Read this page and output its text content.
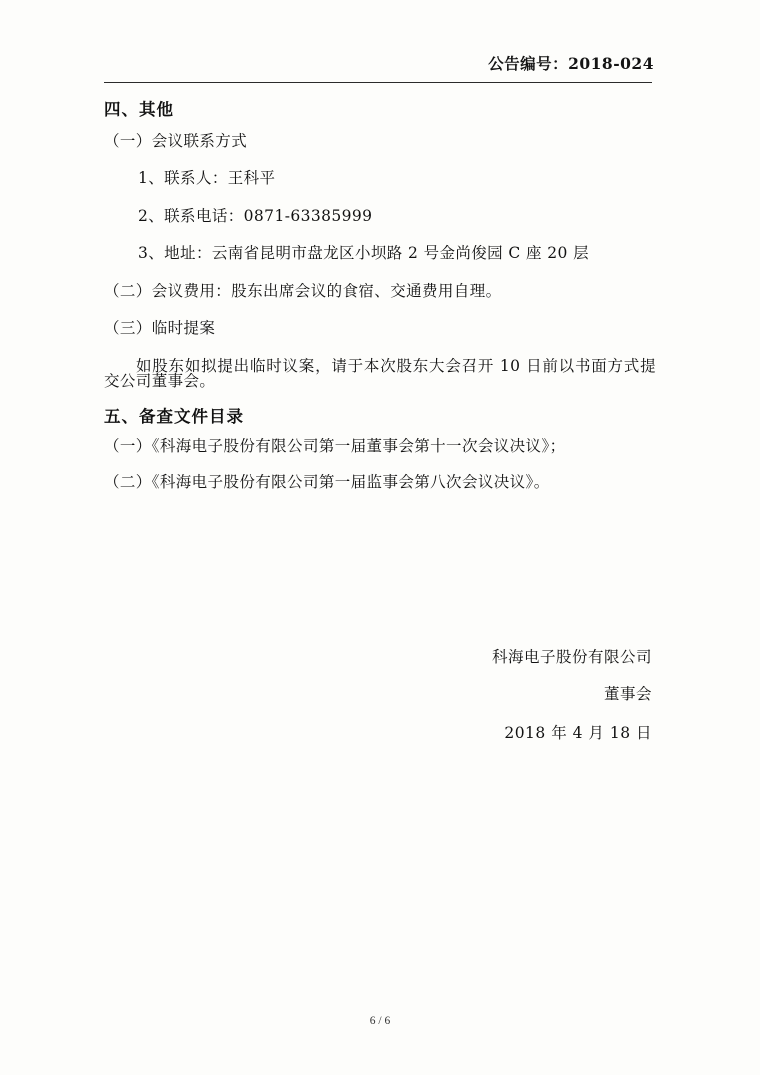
公告编号：2018-024
四、其他
（一）会议联系方式
1、联系人：王科平
2、联系电话：0871-63385999
3、地址：云南省昆明市盘龙区小坝路 2 号金尚俊园 C 座 20 层
（二）会议费用：股东出席会议的食宿、交通费用自理。
（三）临时提案
如股东如拟提出临时议案，请于本次股东大会召开 10 日前以书面方式提交公司董事会。
五、备查文件目录
（一）《科海电子股份有限公司第一届董事会第十一次会议决议》；
（二）《科海电子股份有限公司第一届监事会第八次会议决议》。
科海电子股份有限公司
董事会
2018 年 4 月 18 日
6 / 6
